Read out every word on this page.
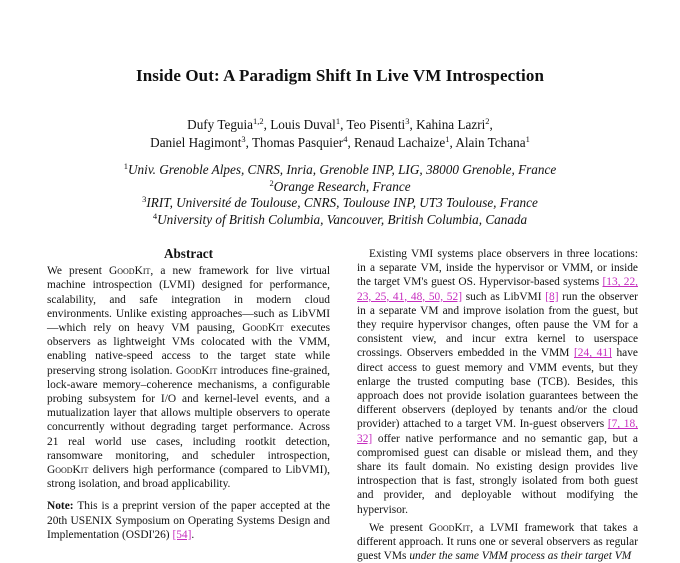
Inside Out: A Paradigm Shift In Live VM Introspection
Dufy Teguia$^{1,2}$, Louis Duval$^1$, Teo Pisenti$^3$, Kahina Lazri$^2$,
Daniel Hagimont$^3$, Thomas Pasquier$^4$, Renaud Lachaize$^1$, Alain Tchana$^1$
$^1$Univ. Grenoble Alpes, CNRS, Inria, Grenoble INP, LIG, 38000 Grenoble, France
$^2$Orange Research, France
$^3$IRIT, Université de Toulouse, CNRS, Toulouse INP, UT3 Toulouse, France
$^4$University of British Columbia, Vancouver, British Columbia, Canada
Abstract

We present GoodKit, a new framework for live virtual machine introspection (LVMI) designed for performance, scalability, and safe integration in modern cloud environments. Unlike existing approaches—such as LibVMI—which rely on heavy VM pausing, GoodKit executes observers as lightweight VMs colocated with the VMM, enabling native-speed access to the target state while preserving strong isolation. GoodKit introduces fine-grained, lock-aware memory–coherence mechanisms, a configurable probing subsystem for I/O and kernel-level events, and a mutualization layer that allows multiple observers to operate concurrently without degrading target performance. Across 21 real world use cases, including rootkit detection, ransomware monitoring, and scheduler introspection, GoodKit delivers high performance (compared to LibVMI), strong isolation, and broad applicability.

Note: This is a preprint version of the paper accepted at the 20th USENIX Symposium on Operating Systems Design and Implementation (OSDI'26) [54].

Existing VMI systems place observers in three locations: in a separate VM, inside the hypervisor or VMM, or inside the target VM's guest OS. Hypervisor-based systems [13, 22, 23, 25, 41, 48, 50, 52] such as LibVMI [8] run the observer in a separate VM and improve isolation from the guest, but they require hypervisor changes, often pause the VM for a consistent view, and incur extra kernel to userspace crossings. Observers embedded in the VMM [24, 41] have direct access to guest memory and VMM events, but they enlarge the trusted computing base (TCB). Besides, this approach does not provide isolation guarantees between the different observers (deployed by tenants and/or the cloud provider) attached to a target VM. In-guest observers [7, 18, 32] offer native performance and no semantic gap, but a compromised guest can disable or mislead them, and they share its fault domain. No existing design provides live introspection that is fast, strongly isolated from both guest and provider, and deployable without modifying the hypervisor.

We present GoodKit, a LVMI framework that takes a different approach. It runs one or several observers as regular guest VMs under the same VMM process as their target VM
